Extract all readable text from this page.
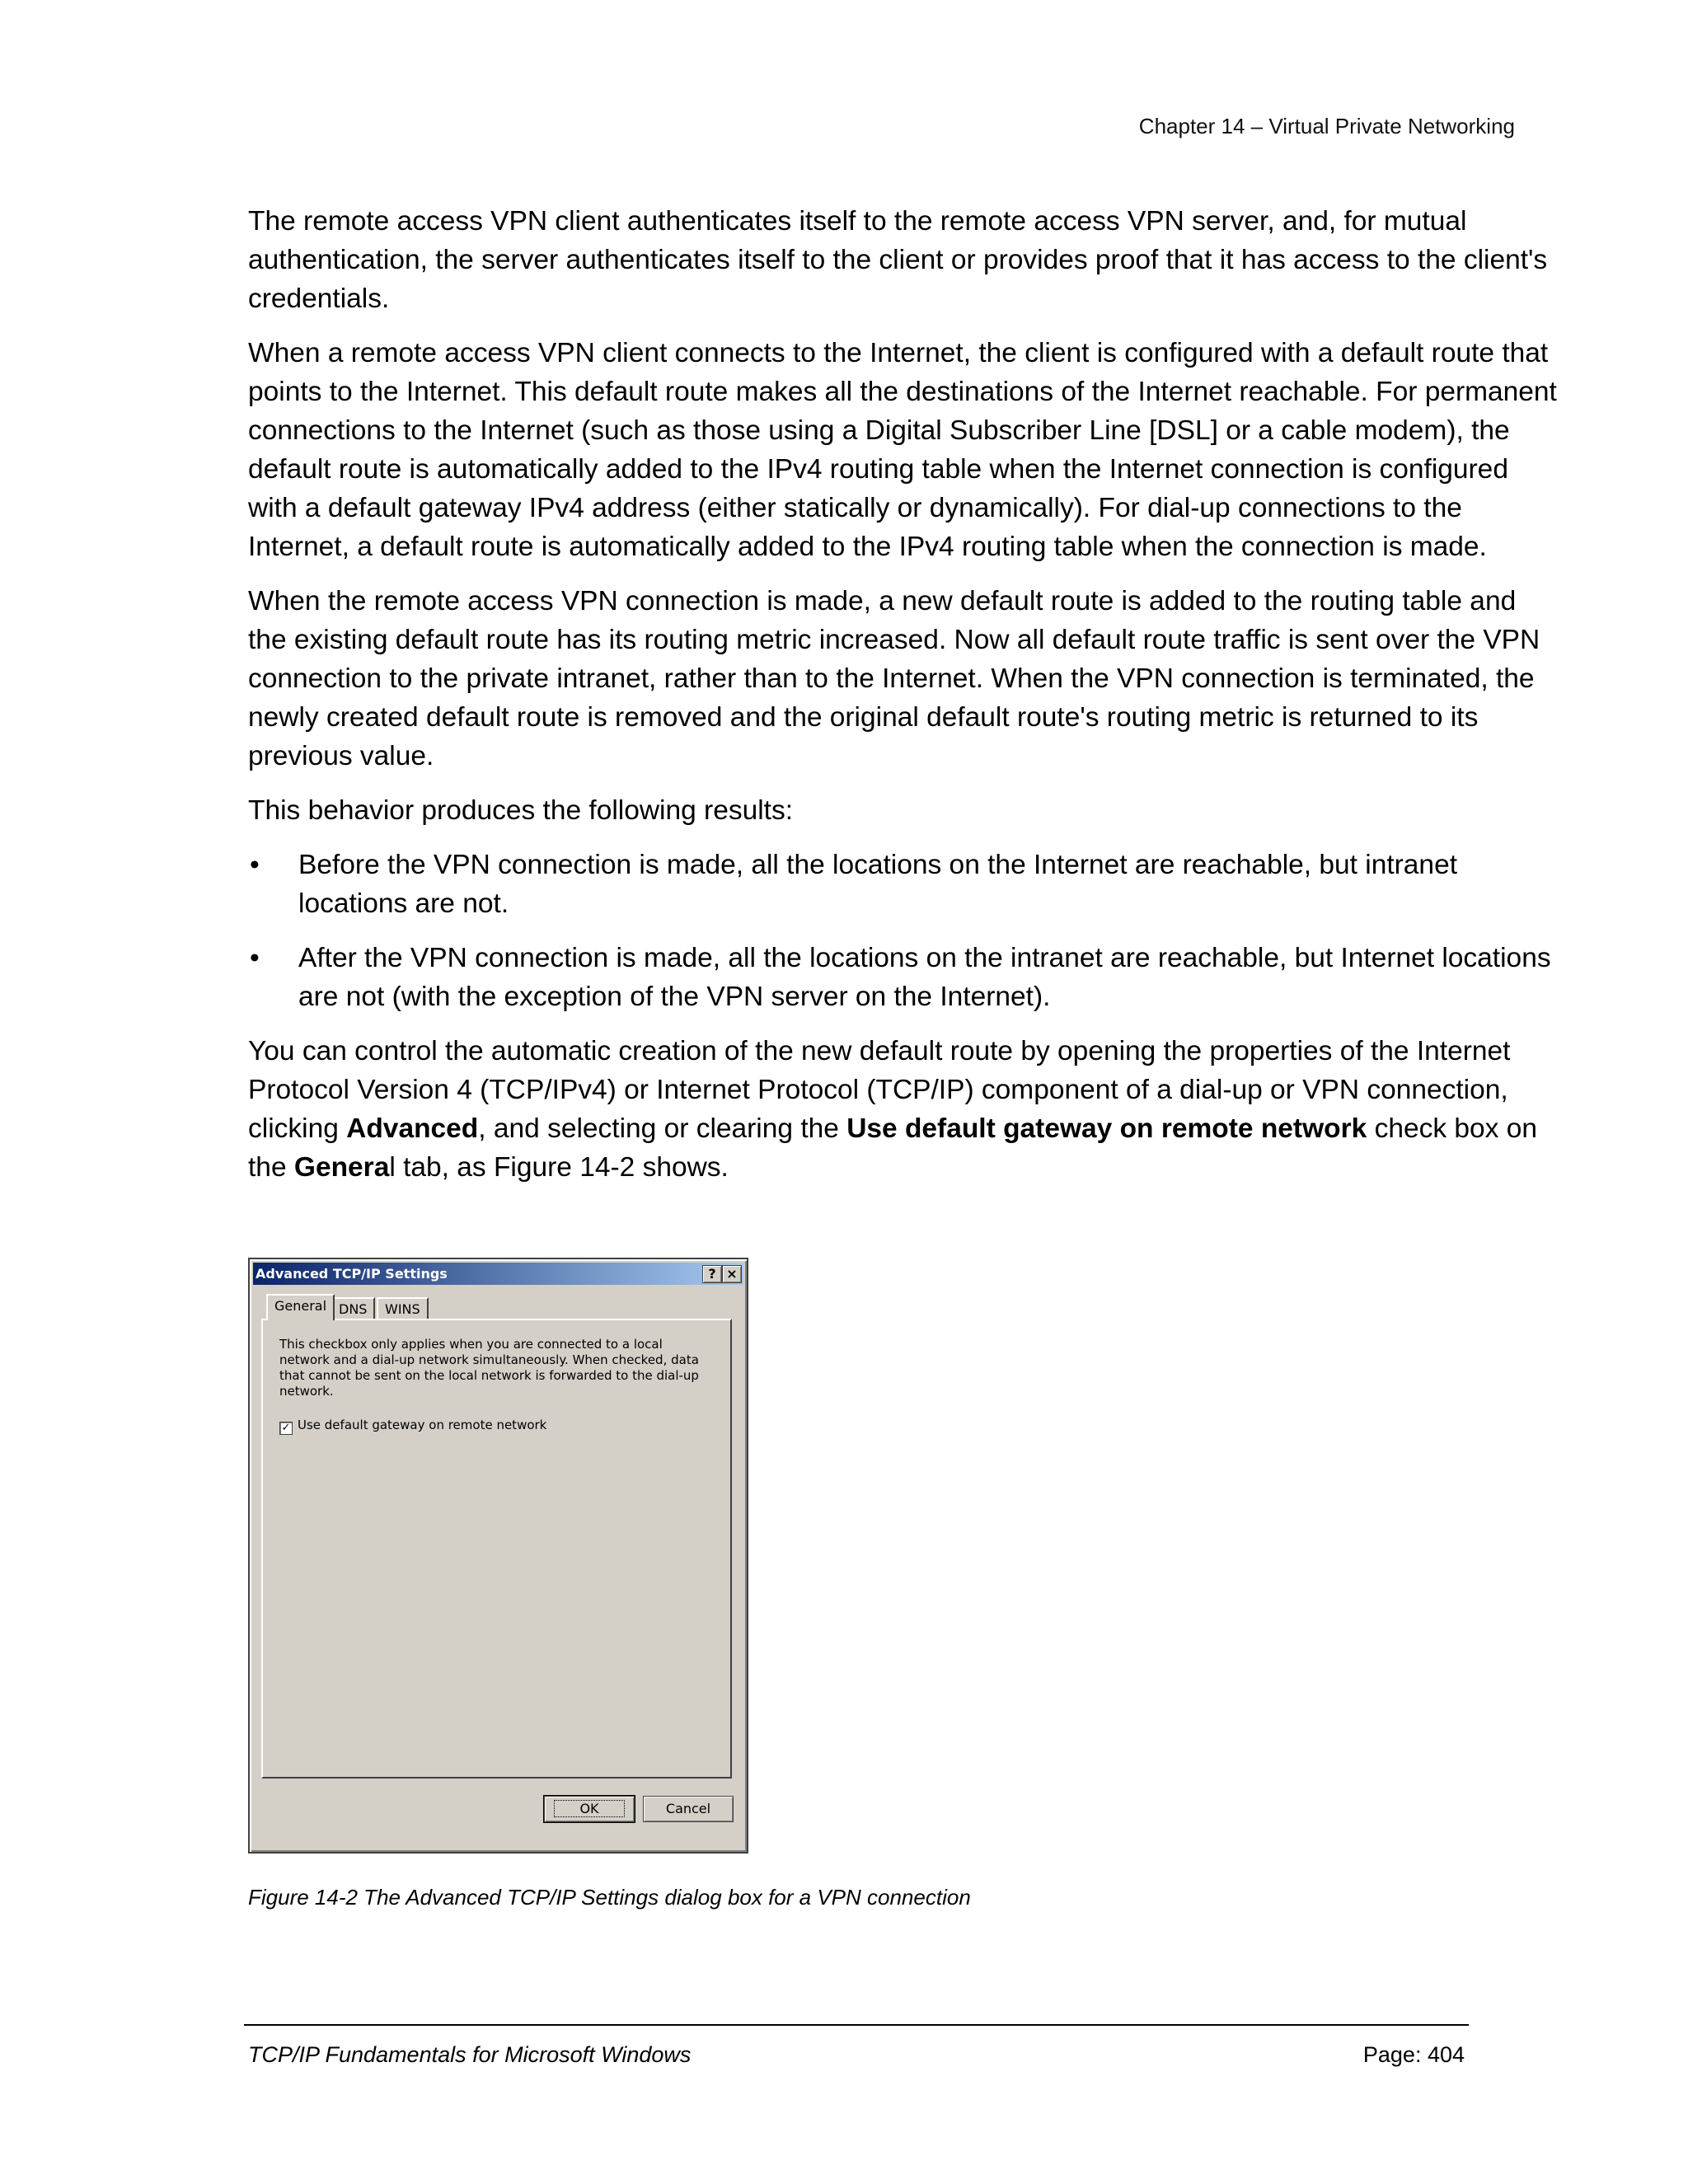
Chapter 14 – Virtual Private Networking

The remote access VPN client authenticates itself to the remote access VPN server, and, for mutual authentication, the server authenticates itself to the client or provides proof that it has access to the client's credentials.

When a remote access VPN client connects to the Internet, the client is configured with a default route that points to the Internet. This default route makes all the destinations of the Internet reachable. For permanent connections to the Internet (such as those using a Digital Subscriber Line [DSL] or a cable modem), the default route is automatically added to the IPv4 routing table when the Internet connection is configured with a default gateway IPv4 address (either statically or dynamically). For dial-up connections to the Internet, a default route is automatically added to the IPv4 routing table when the connection is made.

When the remote access VPN connection is made, a new default route is added to the routing table and the existing default route has its routing metric increased. Now all default route traffic is sent over the VPN connection to the private intranet, rather than to the Internet. When the VPN connection is terminated, the newly created default route is removed and the original default route's routing metric is returned to its previous value.

This behavior produces the following results:

• Before the VPN connection is made, all the locations on the Internet are reachable, but intranet locations are not.
• After the VPN connection is made, all the locations on the intranet are reachable, but Internet locations are not (with the exception of the VPN server on the Internet).

You can control the automatic creation of the new default route by opening the properties of the Internet Protocol Version 4 (TCP/IPv4) or Internet Protocol (TCP/IP) component of a dial-up or VPN connection, clicking Advanced, and selecting or clearing the Use default gateway on remote network check box on the General tab, as Figure 14-2 shows.

Advanced TCP/IP Settings	? ×
General DNS	WINS
This checkbox only applies when you are connected to a local network and a dial-up network simultaneously. When checked, data that cannot be sent on the local network is forwarded to the dial-up network.
✓ Use default gateway on remote network
OK	Cancel
Figure 14-2 The Advanced TCP/IP Settings dialog box for a VPN connection
TCP/IP Fundamentals for Microsoft Windows	Page: 404
